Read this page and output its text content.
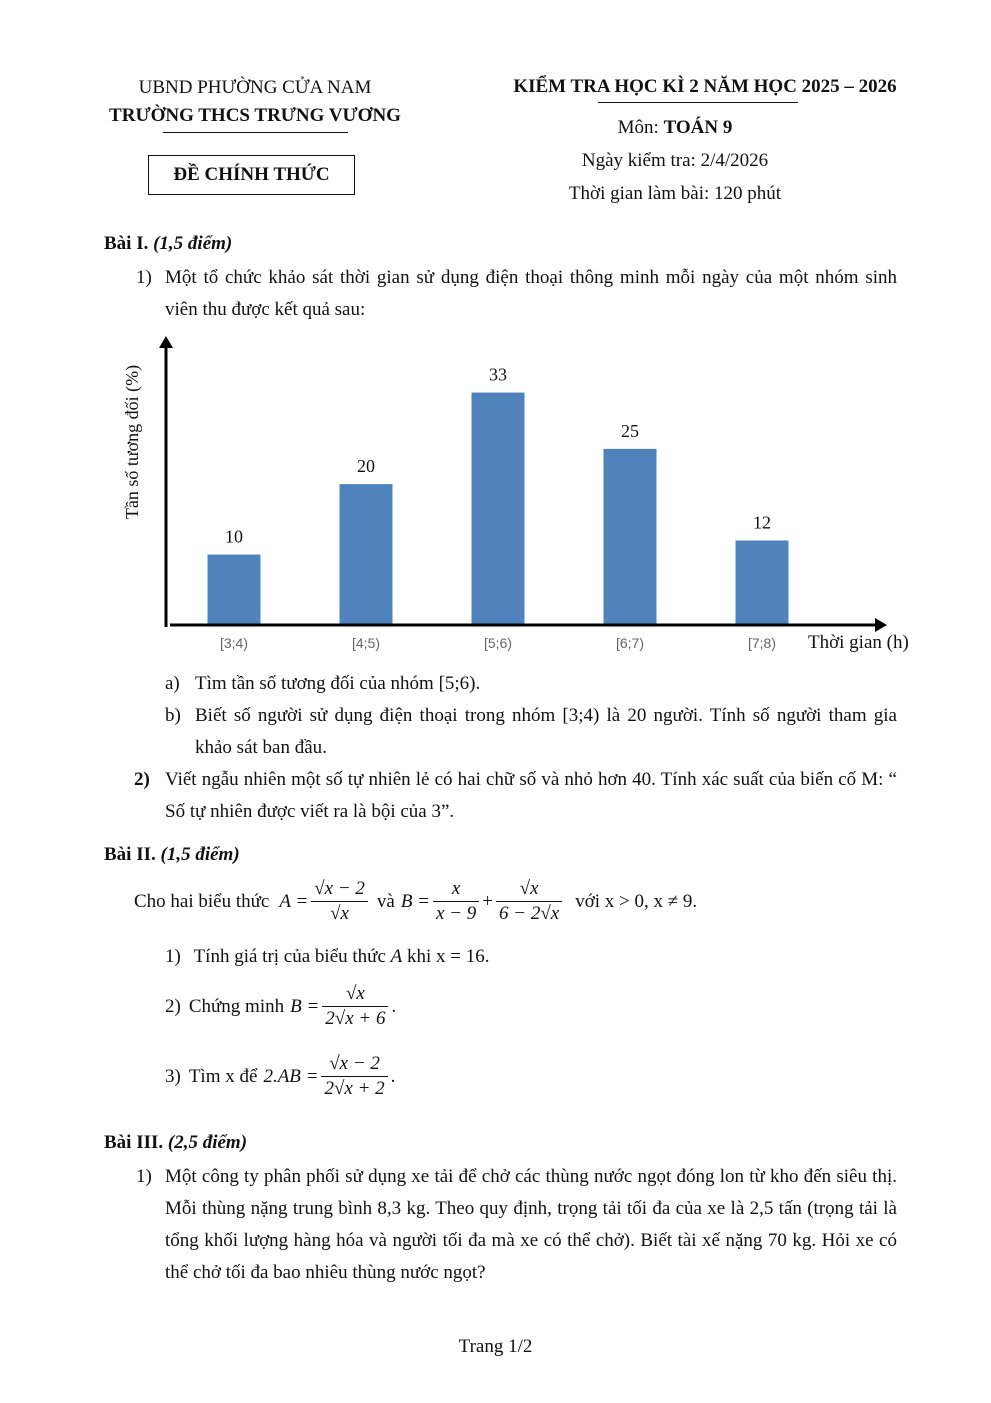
UBND PHƯỜNG CỬA NAM
TRƯỜNG THCS TRƯNG VƯƠNG
ĐỀ CHÍNH THỨC
KIỂM TRA HỌC KÌ 2 NĂM HỌC 2025 – 2026
Môn: TOÁN 9
Ngày kiểm tra: 2/4/2026
Thời gian làm bài: 120 phút
Bài I. (1,5 điểm)
1) Một tổ chức khảo sát thời gian sử dụng điện thoại thông minh mỗi ngày của một nhóm sinh viên thu được kết quả sau:
10
[3;4)
20
[4;5)
33
[5;6)
25
[6;7)
12
[7;8)
Tần số tương đối (%)
Thời gian (h)
a) Tìm tần số tương đối của nhóm [5;6).
b) Biết số người sử dụng điện thoại trong nhóm [3;4) là 20 người. Tính số người tham gia khảo sát ban đầu.
2) Viết ngẫu nhiên một số tự nhiên lẻ có hai chữ số và nhỏ hơn 40. Tính xác suất của biến cố M: “ Số tự nhiên được viết ra là bội của 3”.
Bài II. (1,5 điểm)
Cho hai biểu thức $A = \frac{√x - 2}{√x}$ và $B = \frac{x}{x - 9} + \frac{√x}{6 - 2√x}$ với x > 0, x ≠ 9.
1) Tính giá trị của biểu thức A khi x = 16.
2) Chứng minh $B = \frac{√x}{2√x + 6}$ .
3) Tìm x để $2.AB = \frac{√x - 2}{2√x + 2}$ .
Bài III. (2,5 điểm)
1) Một công ty phân phối sử dụng xe tải để chở các thùng nước ngọt đóng lon từ kho đến siêu thị. Mỗi thùng nặng trung bình 8,3 kg. Theo quy định, trọng tải tối đa của xe là 2,5 tấn (trọng tải là tổng khối lượng hàng hóa và người tối đa mà xe có thể chở). Biết tài xế nặng 70 kg. Hỏi xe có thể chở tối đa bao nhiêu thùng nước ngọt?
Trang 1/2
